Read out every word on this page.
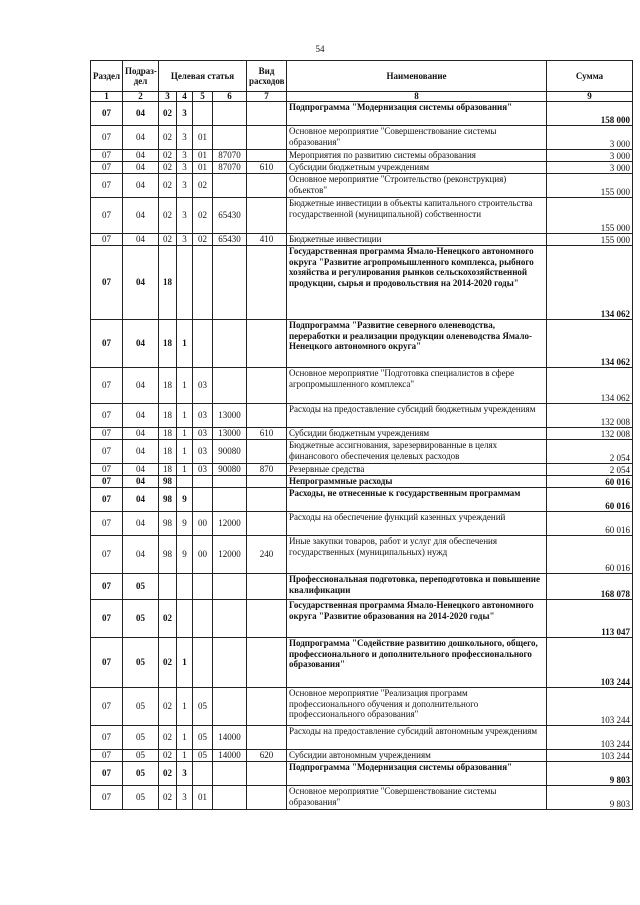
54
Раздел	Подраз-дел	Целевая статья				Вид расходов	Наименование	Сумма
1	2	3	4	5	6	7	8	9
07	04	02	3				Подпрограмма "Модернизация системы образования"	158 000
07	04	02	3	01			Основное мероприятие "Совершенствование системы образования"	3 000
07	04	02	3	01	87070		Мероприятия по развитию системы образования	3 000
07	04	02	3	01	87070	610	Субсидии бюджетным учреждениям	3 000
07	04	02	3	02			Основное мероприятие "Строительство (реконструкция) объектов"	155 000
07	04	02	3	02	65430		Бюджетные инвестиции в объекты капитального строительства государственной (муниципальной) собственности	155 000
07	04	02	3	02	65430	410	Бюджетные инвестиции	155 000
07	04	18					Государственная программа Ямало-Ненецкого автономного округа "Развитие агропромышленного комплекса, рыбного хозяйства и регулирования рынков сельскохозяйственной продукции, сырья и продовольствия на 2014-2020 годы"	134 062
07	04	18	1				Подпрограмма "Развитие северного оленеводства, переработки и реализации продукции оленеводства Ямало-Ненецкого автономного округа"	134 062
07	04	18	1	03			Основное мероприятие "Подготовка специалистов в сфере агропромышленного комплекса"	134 062
07	04	18	1	03	13000		Расходы на предоставление субсидий бюджетным учреждениям	132 008
07	04	18	1	03	13000	610	Субсидии бюджетным учреждениям	132 008
07	04	18	1	03	90080		Бюджетные ассигнования, зарезервированные в целях финансового обеспечения целевых расходов	2 054
07	04	18	1	03	90080	870	Резервные средства	2 054
07	04	98					Непрограммные расходы	60 016
07	04	98	9				Расходы, не отнесенные к государственным программам	60 016
07	04	98	9	00	12000		Расходы на обеспечение функций казенных учреждений	60 016
07	04	98	9	00	12000	240	Иные закупки товаров, работ и услуг для обеспечения государственных (муниципальных) нужд	60 016
07	05						Профессиональная подготовка, переподготовка и повышение квалификации	168 078
07	05	02					Государственная программа Ямало-Ненецкого автономного округа "Развитие образования на 2014-2020 годы"	113 047
07	05	02	1				Подпрограмма "Содействие развитию дошкольного, общего, профессионального и дополнительного профессионального образования"	103 244
07	05	02	1	05			Основное мероприятие "Реализация программ профессионального обучения и дополнительного профессионального образования"	103 244
07	05	02	1	05	14000		Расходы на предоставление субсидий автономным учреждениям	103 244
07	05	02	1	05	14000	620	Субсидии автономным учреждениям	103 244
07	05	02	3				Подпрограмма "Модернизация системы образования"	9 803
07	05	02	3	01			Основное мероприятие "Совершенствование системы образования"	9 803
